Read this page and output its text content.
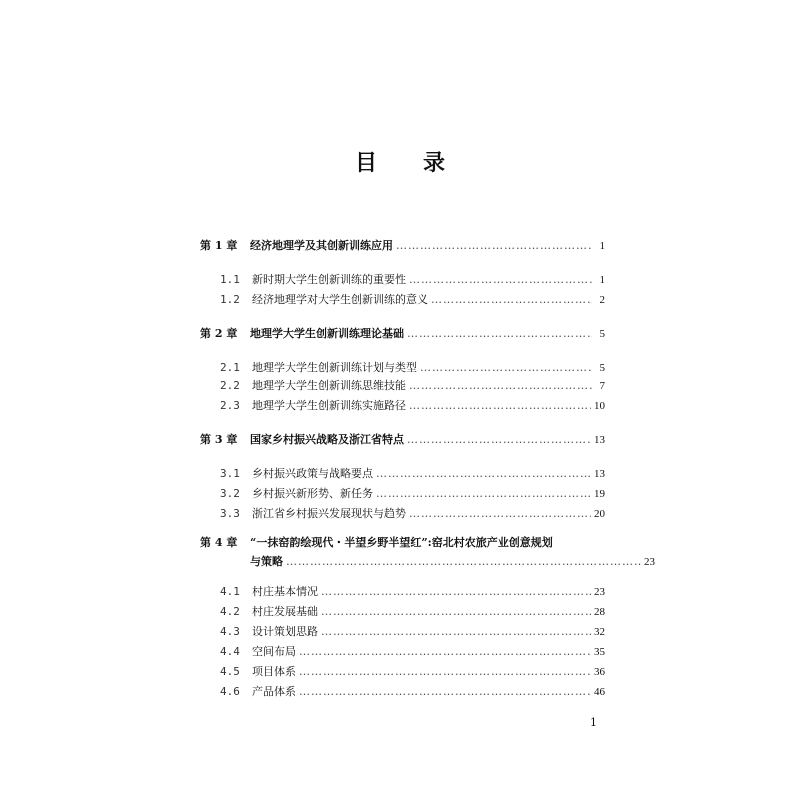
目 录
第 1 章	经济地理学及其创新训练应用 ……………………………………………………………………………………………………………………………………………………………………	1
1.1	新时期大学生创新训练的重要性 ……………………………………………………………………………………………………………………………………………………………………	1
1.2	经济地理学对大学生创新训练的意义 ……………………………………………………………………………………………………………………………………………………………………	2
第 2 章	地理学大学生创新训练理论基础 ……………………………………………………………………………………………………………………………………………………………………	5
2.1	地理学大学生创新训练计划与类型 ……………………………………………………………………………………………………………………………………………………………………	5
2.2	地理学大学生创新训练思维技能 ……………………………………………………………………………………………………………………………………………………………………	7
2.3	地理学大学生创新训练实施路径 ……………………………………………………………………………………………………………………………………………………………………	10
第 3 章	国家乡村振兴战略及浙江省特点 ……………………………………………………………………………………………………………………………………………………………………	13
3.1	乡村振兴政策与战略要点 ……………………………………………………………………………………………………………………………………………………………………	13
3.2	乡村振兴新形势、新任务 ……………………………………………………………………………………………………………………………………………………………………	19
3.3	浙江省乡村振兴发展现状与趋势 ……………………………………………………………………………………………………………………………………………………………………	20
第 4 章	“一抹窑韵绘现代・半望乡野半望红”:窑北村农旅产业创意规划
与策略 ……………………………………………………………………………………………………………………………………………………………………	23
4.1	村庄基本情况 ……………………………………………………………………………………………………………………………………………………………………	23
4.2	村庄发展基础 ……………………………………………………………………………………………………………………………………………………………………	28
4.3	设计策划思路 ……………………………………………………………………………………………………………………………………………………………………	32
4.4	空间布局 ……………………………………………………………………………………………………………………………………………………………………	35
4.5	项目体系 ……………………………………………………………………………………………………………………………………………………………………	36
4.6	产品体系 ……………………………………………………………………………………………………………………………………………………………………	46
1
